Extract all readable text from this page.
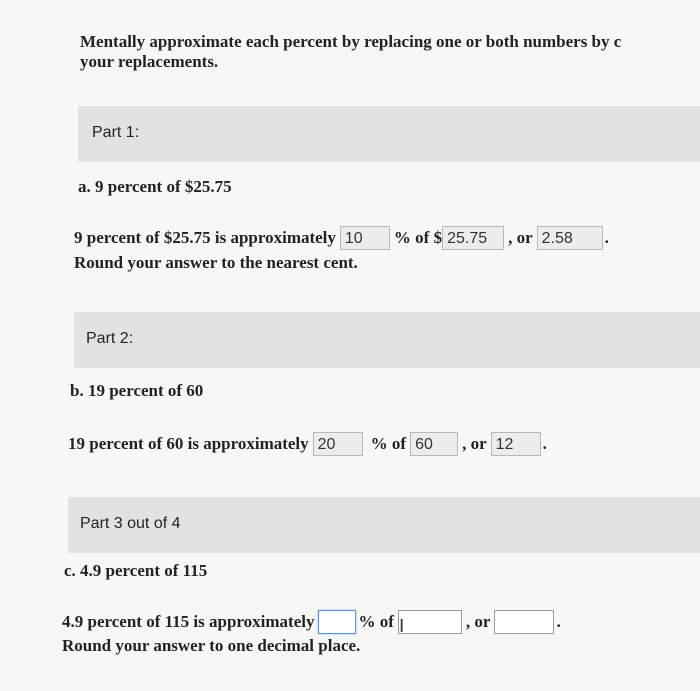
Mentally approximate each percent by replacing one or both numbers by c
your replacements.
Part 1:
a. 9 percent of $25.75
9 percent of $25.75 is approximately 10	% of $ 25.75	, or 2.58	.
Round your answer to the nearest cent.
Part 2:
b. 19 percent of 60
19 percent of 60 is approximately 20	% of 60	, or 12	.
Part 3 out of 4
c. 4.9 percent of 115
4.9 percent of 115 is approximately	% of	, or	.
Round your answer to one decimal place.
I
